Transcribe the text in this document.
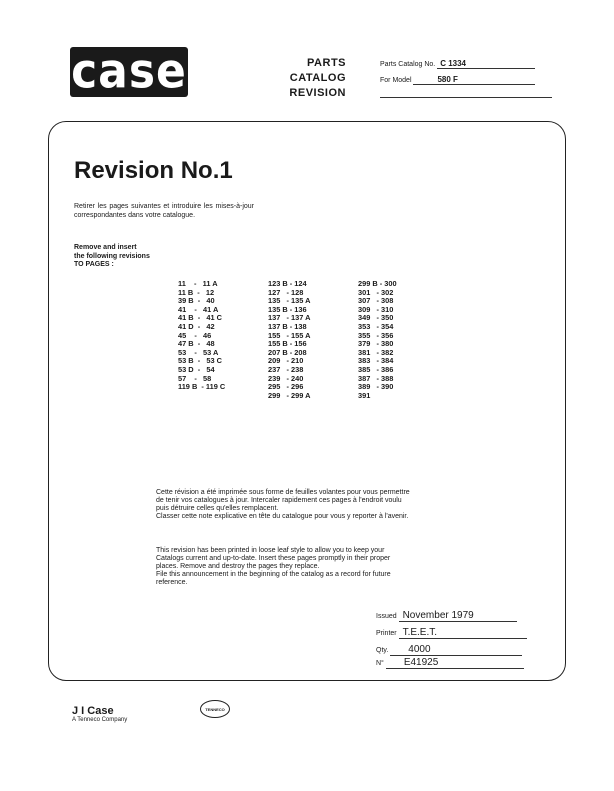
case	PARTS
CATALOG
REVISION
Parts Catalog No. C 1334
For Model	580 F
Revision No.1
Retirer les pages suivantes et introduire les mises-à-jour correspondantes dans votre catalogue.
Remove and insert
the following revisions
TO PAGES :
11    -   11 A
11 B  -   12
39 B  -   40
41    -   41 A
41 B  -   41 C
41 D  -   42
45    -   46
47 B  -   48
53    -   53 A
53 B  -   53 C
53 D  -   54
57    -   58
119 B  - 119 C
123 B - 124
127   - 128
135   - 135 A
135 B - 136
137   - 137 A
137 B - 138
155   - 155 A
155 B - 156
207 B - 208
209   - 210
237   - 238
239   - 240
295   - 296
299   - 299 A
299 B - 300
301   - 302
307   - 308
309   - 310
349   - 350
353   - 354
355   - 356
379   - 380
381   - 382
383   - 384
385   - 386
387   - 388
389   - 390
391
Cette révision a été imprimée sous forme de feuilles volantes pour vous permettre
de tenir vos catalogues à jour. Intercaler rapidement ces pages à l'endroit voulu
puis détruire celles qu'elles remplacent.
Classer cette note explicative en tête du catalogue pour vous y reporter à l'avenir.
This revision has been printed in loose leaf style to allow you to keep your
Catalogs current and up-to-date. Insert these pages promptly in their proper
places. Remove and destroy the pages they replace.
File this announcement in the beginning of the catalog as a record for future
reference.
Issued November 1979
Printer T.E.E.T.
Qty. 4000
N° E41925
J I Case
A Tenneco Company
TENNECO
